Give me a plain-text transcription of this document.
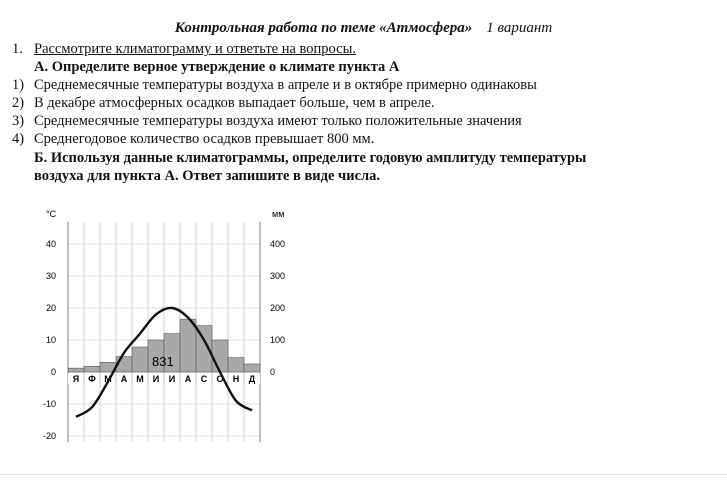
Контрольная работа по теме «Атмосфера» 1 вариант
1. Рассмотрите климатограмму и ответьте на вопросы.
А. Определите верное утверждение о климате пункта А
1) Среднемесячные температуры воздуха в апреле и в октябре примерно одинаковы
2) В декабре атмосферных осадков выпадает больше, чем в апреле.
3) Среднемесячные температуры воздуха имеют только положительные значения
4) Среднегодовое количество осадков превышает 800 мм.
Б. Используя данные климатограммы, определите годовую амплитуду температуры
воздуха для пункта А. Ответ запишите в виде числа.
°C	мм
40
30
20
10
0
-10
-20
400
300
200
100
0
831
Я Ф М А М И И А С О Н Д
